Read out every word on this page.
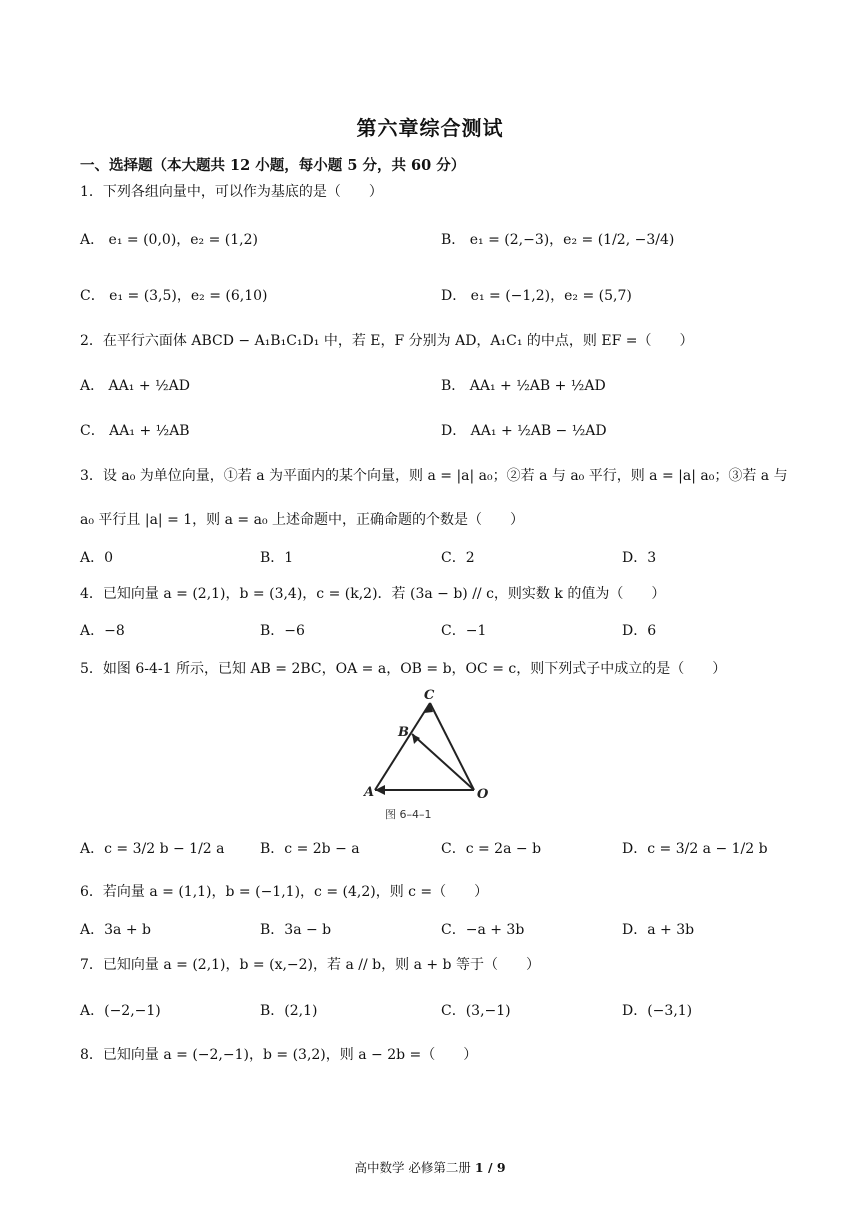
第六章综合测试
一、选择题（本大题共 12 小题，每小题 5 分，共 60 分）
1．下列各组向量中，可以作为基底的是（　　）
A． e₁ = (0,0)，e₂ = (1,2)	B． e₁ = (2,−3)，e₂ = (1/2, −3/4)
C． e₁ = (3,5)，e₂ = (6,10)	D． e₁ = (−1,2)，e₂ = (5,7)
2．在平行六面体 ABCD − A₁B₁C₁D₁ 中，若 E，F 分别为 AD，A₁C₁ 的中点，则 EF =（　　）
A． AA₁ + ½AD	B． AA₁ + ½AB + ½AD
C． AA₁ + ½AB	D． AA₁ + ½AB − ½AD
3．设 a₀ 为单位向量，①若 a 为平面内的某个向量，则 a = |a| a₀；②若 a 与 a₀ 平行，则 a = |a| a₀；③若 a 与
a₀ 平行且 |a| = 1，则 a = a₀ 上述命题中，正确命题的个数是（　　）
A．0	B．1	C．2	D．3
4．已知向量 a = (2,1)，b = (3,4)，c = (k,2)．若 (3a − b) // c，则实数 k 的值为（　　）
A．−8	B．−6	C．−1	D．6
5．如图 6-4-1 所示，已知 AB = 2BC，OA = a，OB = b，OC = c，则下列式子中成立的是（　　）
C
B
A	O
图 6–4–1
A．c = 3/2 b − 1/2 a	B．c = 2b − a	C．c = 2a − b	D．c = 3/2 a − 1/2 b
6．若向量 a = (1,1)，b = (−1,1)，c = (4,2)，则 c =（　　）
A．3a + b	B．3a − b	C．−a + 3b	D．a + 3b
7．已知向量 a = (2,1)，b = (x,−2)，若 a // b，则 a + b 等于（　　）
A．(−2,−1)	B．(2,1)	C．(3,−1)	D．(−3,1)
8．已知向量 a = (−2,−1)，b = (3,2)，则 a − 2b =（　　）
高中数学 必修第二册 1 / 9
